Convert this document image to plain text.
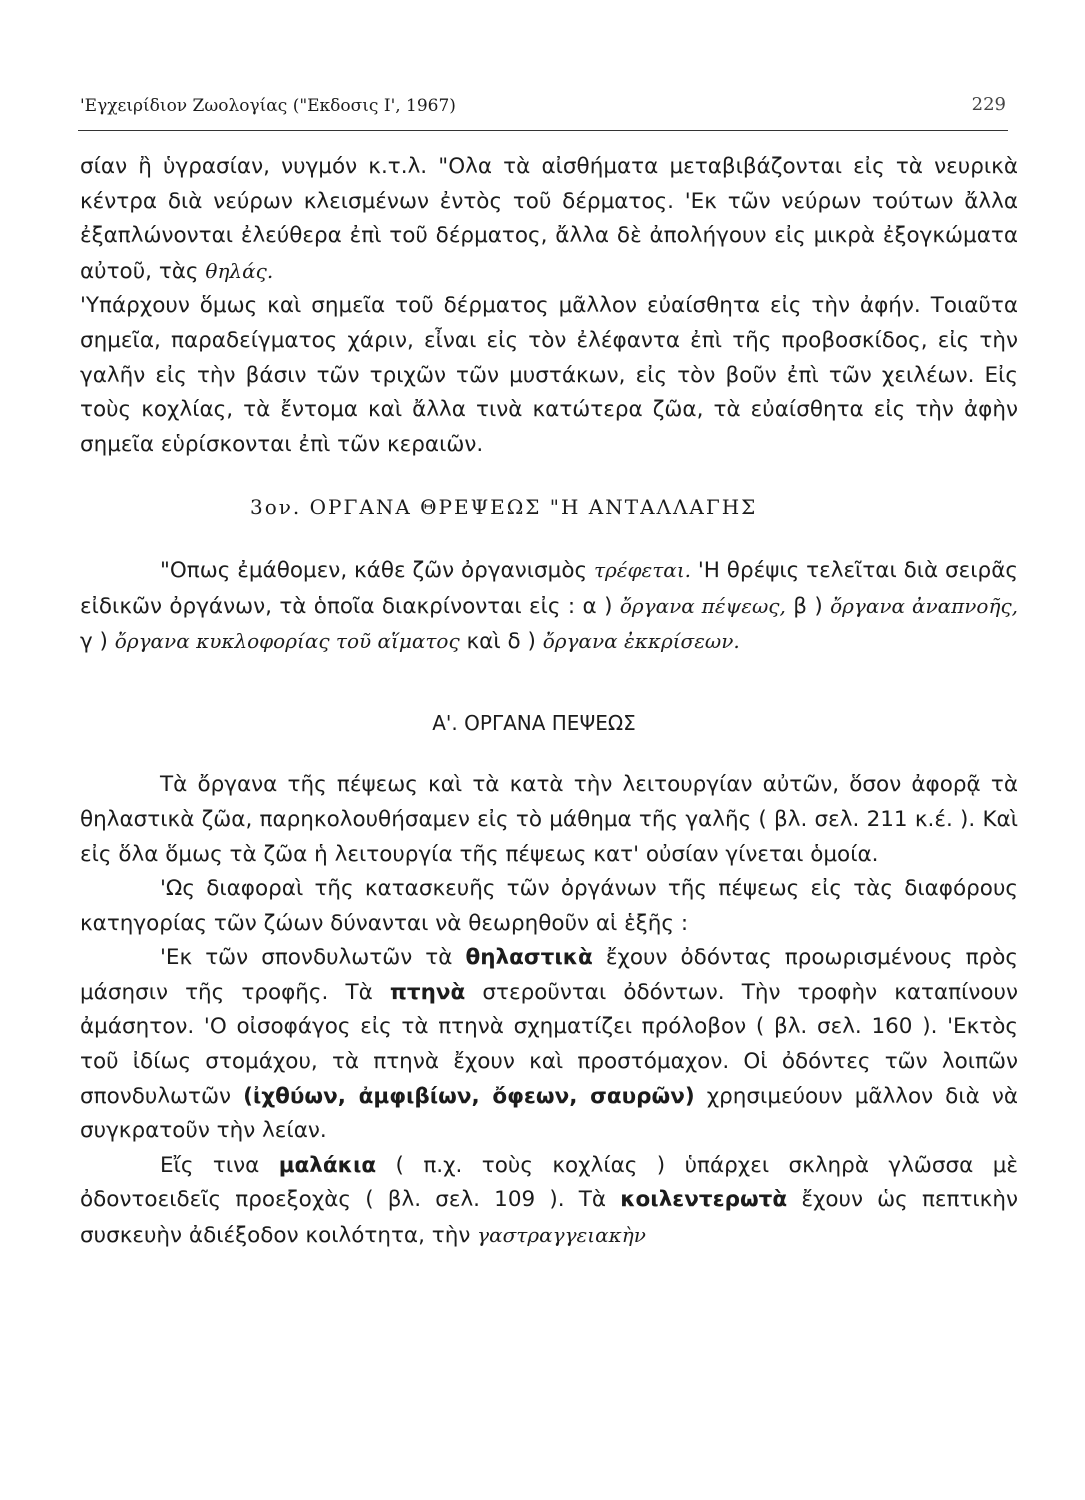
'Εγχειρίδιον Ζωολογίας ("Εκδοσις Ι', 1967)	229

σίαν ἢ ὑγρασίαν, νυγμόν κ.τ.λ. "Ολα τὰ αἰσθήματα μεταβιβάζονται εἰς τὰ νευρικὰ κέντρα διὰ νεύρων κλεισμένων ἐντὸς τοῦ δέρματος. 'Εκ τῶν νεύρων τούτων ἄλλα ἐξαπλώνονται ἐλεύθερα ἐπὶ τοῦ δέρματος, ἄλλα δὲ ἀπολήγουν εἰς μικρὰ ἐξογκώματα αὐτοῦ, τὰς θηλάς.

'Υπάρχουν ὅμως καὶ σημεῖα τοῦ δέρματος μᾶλλον εὐαίσθητα εἰς τὴν ἀφήν. Τοιαῦτα σημεῖα, παραδείγματος χάριν, εἶναι εἰς τὸν ἐλέφαντα ἐπὶ τῆς προβοσκίδος, εἰς τὴν γαλῆν εἰς τὴν βάσιν τῶν τριχῶν τῶν μυστάκων, εἰς τὸν βοῦν ἐπὶ τῶν χειλέων. Εἰς τοὺς κοχλίας, τὰ ἔντομα καὶ ἄλλα τινὰ κατώτερα ζῶα, τὰ εὐαίσθητα εἰς τὴν ἀφὴν σημεῖα εὑρίσκονται ἐπὶ τῶν κεραιῶν.

3ον. ΟΡΓΑΝΑ ΘΡΕΨΕΩΣ "Η ΑΝΤΑΛΛΑΓΗΣ

"Οπως ἐμάθομεν, κάθε ζῶν ὀργανισμὸς τρέφεται. 'Η θρέψις τελεῖται διὰ σειρᾶς εἰδικῶν ὀργάνων, τὰ ὁποῖα διακρίνονται εἰς : α ) ὄργανα πέψεως, β ) ὄργανα ἀναπνοῆς, γ ) ὄργανα κυκλοφορίας τοῦ αἵματος καὶ δ ) ὄργανα ἐκκρίσεων.

Α'. ΟΡΓΑΝΑ ΠΕΨΕΩΣ

Τὰ ὄργανα τῆς πέψεως καὶ τὰ κατὰ τὴν λειτουργίαν αὐτῶν, ὅσον ἀφορᾷ τὰ θηλαστικὰ ζῶα, παρηκολουθήσαμεν εἰς τὸ μάθημα τῆς γαλῆς ( βλ. σελ. 211 κ.έ. ). Καὶ εἰς ὅλα ὅμως τὰ ζῶα ἡ λειτουργία τῆς πέψεως κατ' οὐσίαν γίνεται ὁμοία.

'Ως διαφοραὶ τῆς κατασκευῆς τῶν ὀργάνων τῆς πέψεως εἰς τὰς διαφόρους κατηγορίας τῶν ζώων δύνανται νὰ θεωρηθοῦν αἱ ἑξῆς :

'Εκ τῶν σπονδυλωτῶν τὰ θηλαστικὰ ἔχουν ὀδόντας προωρισμένους πρὸς μάσησιν τῆς τροφῆς. Τὰ πτηνὰ στεροῦνται ὀδόντων. Τὴν τροφὴν καταπίνουν ἀμάσητον. 'Ο οἰσοφάγος εἰς τὰ πτηνὰ σχηματίζει πρόλοβον ( βλ. σελ. 160 ). 'Εκτὸς τοῦ ἰδίως στομάχου, τὰ πτηνὰ ἔχουν καὶ προστόμαχον. Οἱ ὀδόντες τῶν λοιπῶν σπονδυλωτῶν (ἰχθύων, ἀμφιβίων, ὄφεων, σαυρῶν) χρησιμεύουν μᾶλλον διὰ νὰ συγκρατοῦν τὴν λείαν.

Εἴς τινα μαλάκια ( π.χ. τοὺς κοχλίας ) ὑπάρχει σκληρὰ γλῶσσα μὲ ὀδοντοειδεῖς προεξοχὰς ( βλ. σελ. 109 ). Τὰ κοιλεντερωτὰ ἔχουν ὡς πεπτικὴν συσκευὴν ἀδιέξοδον κοιλότητα, τὴν γαστραγγειακὴν
